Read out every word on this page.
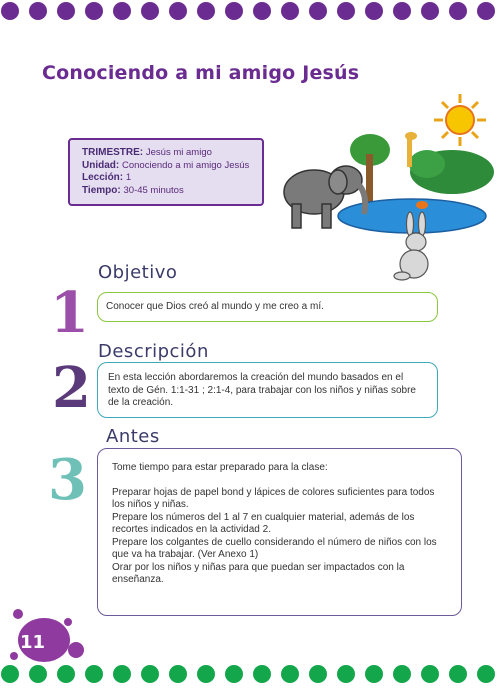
Conociendo a mi amigo Jesús
TRIMESTRE: Jesús mi amigo
Unidad: Conociendo a mi amigo Jesús
Lección: 1
Tiempo: 30-45 minutos
1
Objetivo
Conocer que Dios creó al mundo y me creo a mí.
2
Descripción
En esta lección abordaremos la creación del mundo basados en el texto de Gén. 1:1-31 ; 2:1-4, para trabajar con los niños y niñas sobre de la creación.
3
Antes

Tome tiempo para estar preparado para la clase:

Preparar hojas de papel bond y lápices de colores suficientes para todos los niños y niñas.

Prepare los números del 1 al 7 en cualquier material, además de los recortes indicados en la actividad 2.

Prepare los colgantes de cuello considerando el número de niños con los que va ha trabajar. (Ver Anexo 1)

Orar por los niños y niñas para que puedan ser impactados con la enseñanza.

11
